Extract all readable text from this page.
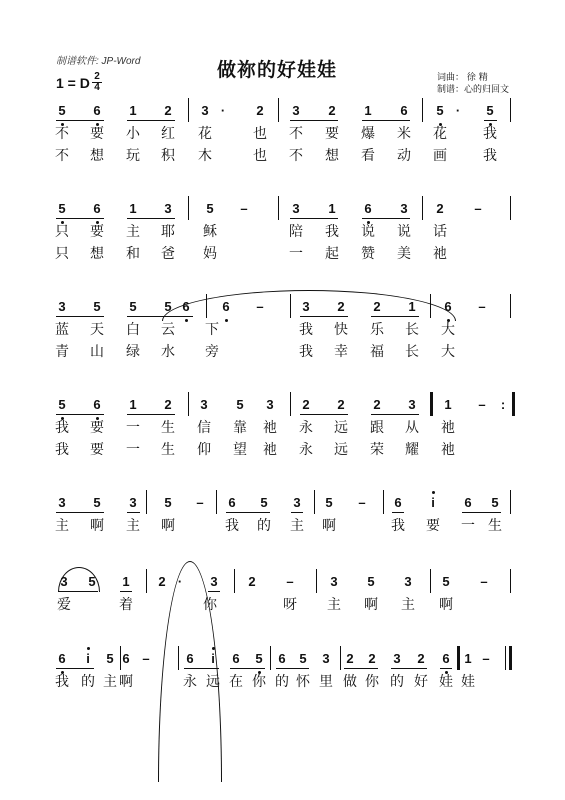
制谱软件: JP-Word	做祢的好娃娃
1 = D 2
4
词曲： 徐 精
制谱：心的归回文
5	6	1	2	3 ·	2	3	2	1	6	5 ·	5
不 要 小 红 花	也 不 要 爆 米 花	我
不 想 玩 积 木	也 不 想 看 动 画	我
5	6	1	3	5	–	3	1	6	3	2	–
只 要 主 耶 稣	陪 我 说 说 话
只 想 和 爸 妈	一 起 赞 美 祂
3	5	5	5 6	6	–	3	2	2	1	6	–
蓝 天 白 云 下	我 快 乐 长 大
青 山 绿 水 旁	我 幸 福 长 大
5	6	1	2	3	5	3	2	2	2	3	1	–	:
我 要 一 生 信 靠 祂 永 远 跟 从 祂
我 要 一 生 仰 望 祂 永 远 荣 耀 祂
3	5	3	5	–	6	5	3	5	–	6	i	6	5
主 啊 主 啊	我 的 主 啊	我 要 一 生
3	5	1	2 ·	3	2	–	3	5	3	5	–
爱	着	你	呀 主 啊 主 啊
6	i	5 6 –	6	i	6	5	6	5	3	2	2	3	2	6	1 –
我 的 主 啊	永 远 在 你 的 怀 里 做 你 的 好 娃 娃
